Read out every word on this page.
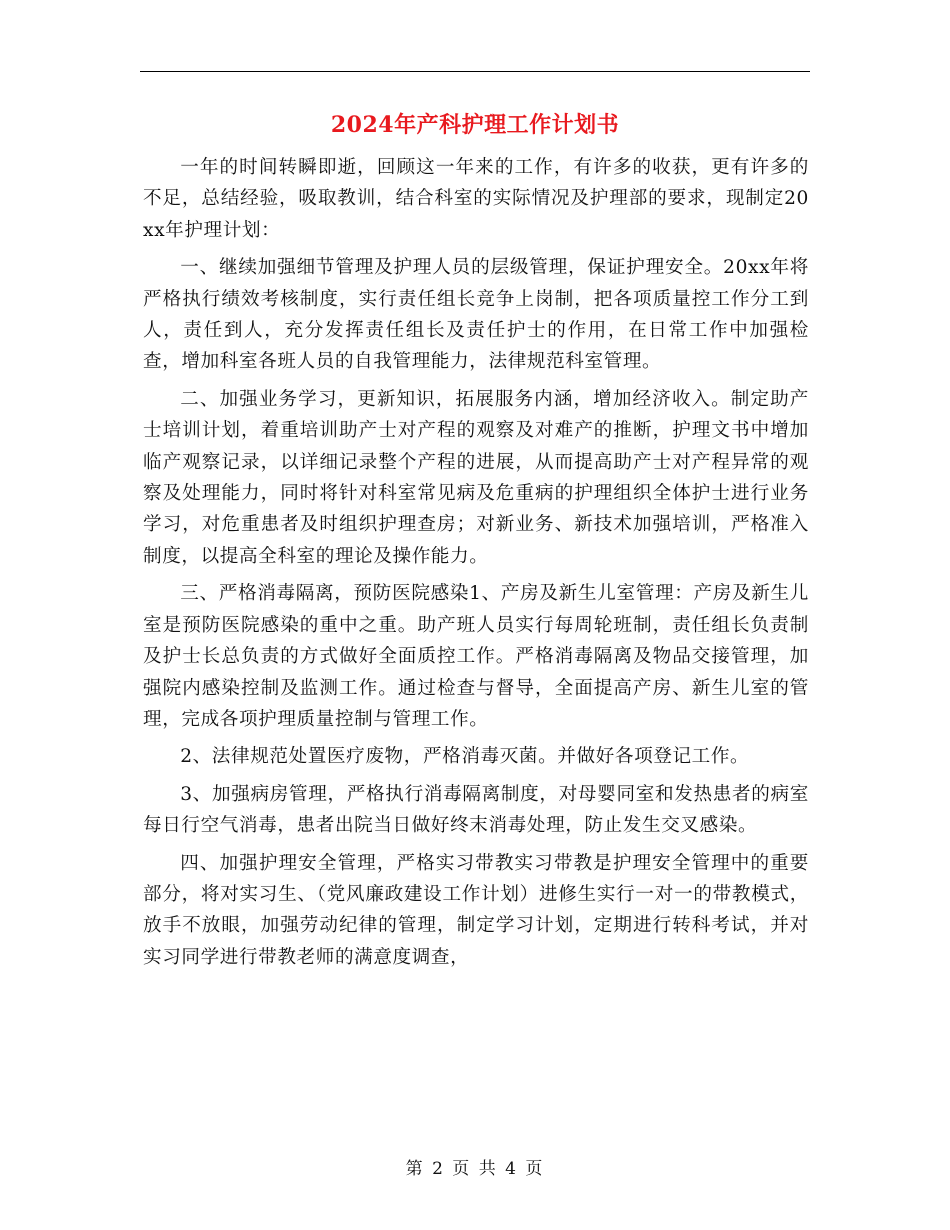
2024年产科护理工作计划书

一年的时间转瞬即逝，回顾这一年来的工作，有许多的收获，更有许多的不足，总结经验，吸取教训，结合科室的实际情况及护理部的要求，现制定20xx年护理计划：

一、继续加强细节管理及护理人员的层级管理，保证护理安全。20xx年将严格执行绩效考核制度，实行责任组长竞争上岗制，把各项质量控工作分工到人，责任到人，充分发挥责任组长及责任护士的作用，在日常工作中加强检查，增加科室各班人员的自我管理能力，法律规范科室管理。

二、加强业务学习，更新知识，拓展服务内涵，增加经济收入。制定助产士培训计划，着重培训助产士对产程的观察及对难产的推断，护理文书中增加临产观察记录，以详细记录整个产程的进展，从而提高助产士对产程异常的观察及处理能力，同时将针对科室常见病及危重病的护理组织全体护士进行业务学习，对危重患者及时组织护理查房；对新业务、新技术加强培训，严格准入制度，以提高全科室的理论及操作能力。

三、严格消毒隔离，预防医院感染1、产房及新生儿室管理：产房及新生儿室是预防医院感染的重中之重。助产班人员实行每周轮班制，责任组长负责制及护士长总负责的方式做好全面质控工作。严格消毒隔离及物品交接管理，加强院内感染控制及监测工作。通过检查与督导，全面提高产房、新生儿室的管理，完成各项护理质量控制与管理工作。

2、法律规范处置医疗废物，严格消毒灭菌。并做好各项登记工作。

3、加强病房管理，严格执行消毒隔离制度，对母婴同室和发热患者的病室每日行空气消毒，患者出院当日做好终末消毒处理，防止发生交叉感染。

四、加强护理安全管理，严格实习带教实习带教是护理安全管理中的重要部分，将对实习生、（党风廉政建设工作计划）进修生实行一对一的带教模式，放手不放眼，加强劳动纪律的管理，制定学习计划，定期进行转科考试，并对实习同学进行带教老师的满意度调查，

第 2 页 共 4 页
